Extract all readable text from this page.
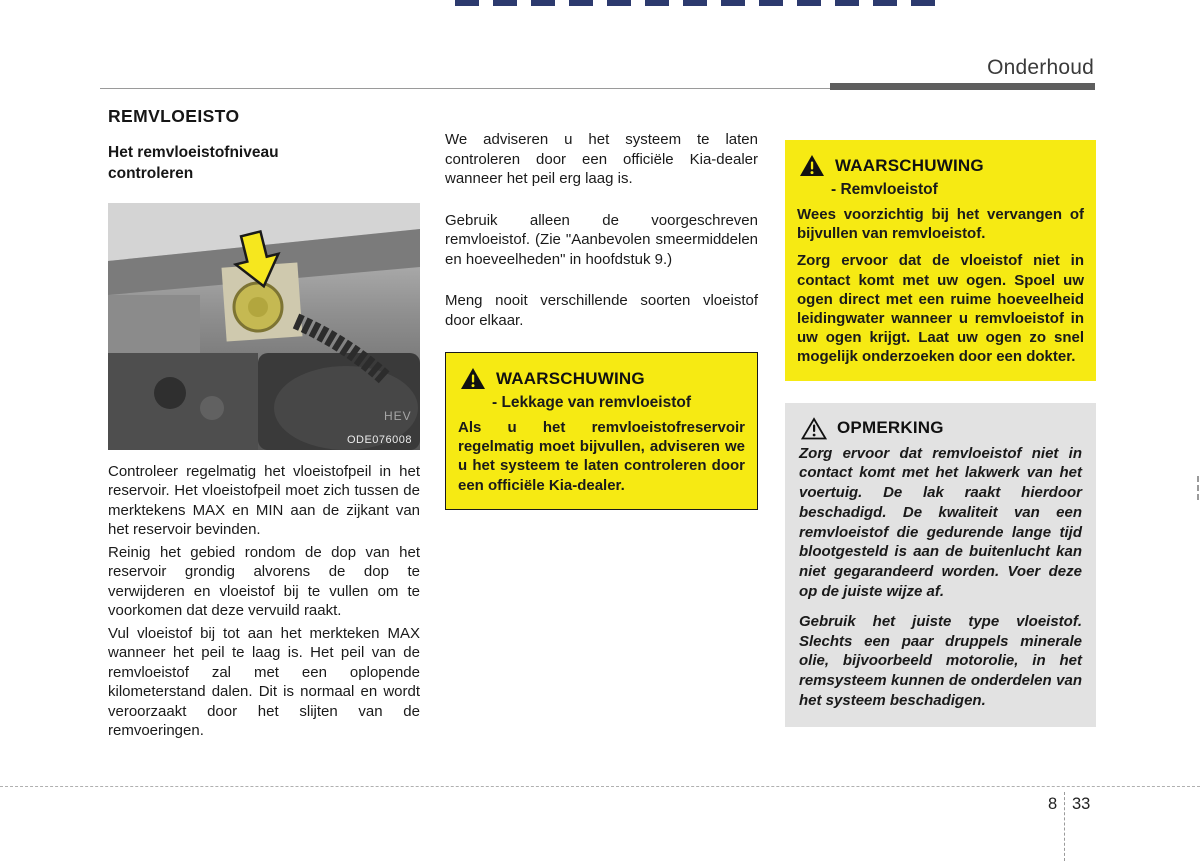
Onderhoud
REMVLOEISTO
Het remvloeistofniveau controleren
HEV
ODE076008

Controleer regelmatig het vloeistofpeil in het reservoir. Het vloeistofpeil moet zich tussen de merktekens MAX en MIN aan de zijkant van het reservoir bevinden.

Reinig het gebied rondom de dop van het reservoir grondig alvorens de dop te verwijderen en vloeistof bij te vullen om te voorkomen dat deze vervuild raakt.

Vul vloeistof bij tot aan het merkteken MAX wanneer het peil te laag is. Het peil van de remvloeistof zal met een oplopende kilometerstand dalen. Dit is normaal en wordt veroorzaakt door het slijten van de remvoeringen.

We adviseren u het systeem te laten controleren door een officiële Kia-dealer wanneer het peil erg laag is.

Gebruik alleen de voorgeschreven remvloeistof. (Zie "Aanbevolen smeermiddelen en hoeveelheden" in hoofdstuk 9.)

Meng nooit verschillende soorten vloeistof door elkaar.

WAARSCHUWING
- Lekkage van remvloeistof

Als u het remvloeistofreservoir regelmatig moet bijvullen, adviseren we u het systeem te laten controleren door een officiële Kia-dealer.

WAARSCHUWING
- Remvloeistof

Wees voorzichtig bij het vervangen of bijvullen van remvloeistof.

Zorg ervoor dat de vloeistof niet in contact komt met uw ogen. Spoel uw ogen direct met een ruime hoeveelheid leidingwater wanneer u remvloeistof in uw ogen krijgt. Laat uw ogen zo snel mogelijk onderzoeken door een dokter.

OPMERKING

Zorg ervoor dat remvloeistof niet in contact komt met het lakwerk van het voertuig. De lak raakt hierdoor beschadigd. De kwaliteit van een remvloeistof die gedurende lange tijd blootgesteld is aan de buitenlucht kan niet gegarandeerd worden. Voer deze op de juiste wijze af.

Gebruik het juiste type vloeistof. Slechts een paar druppels minerale olie, bijvoorbeeld motorolie, in het remsysteem kunnen de onderdelen van het systeem beschadigen.

8 33
